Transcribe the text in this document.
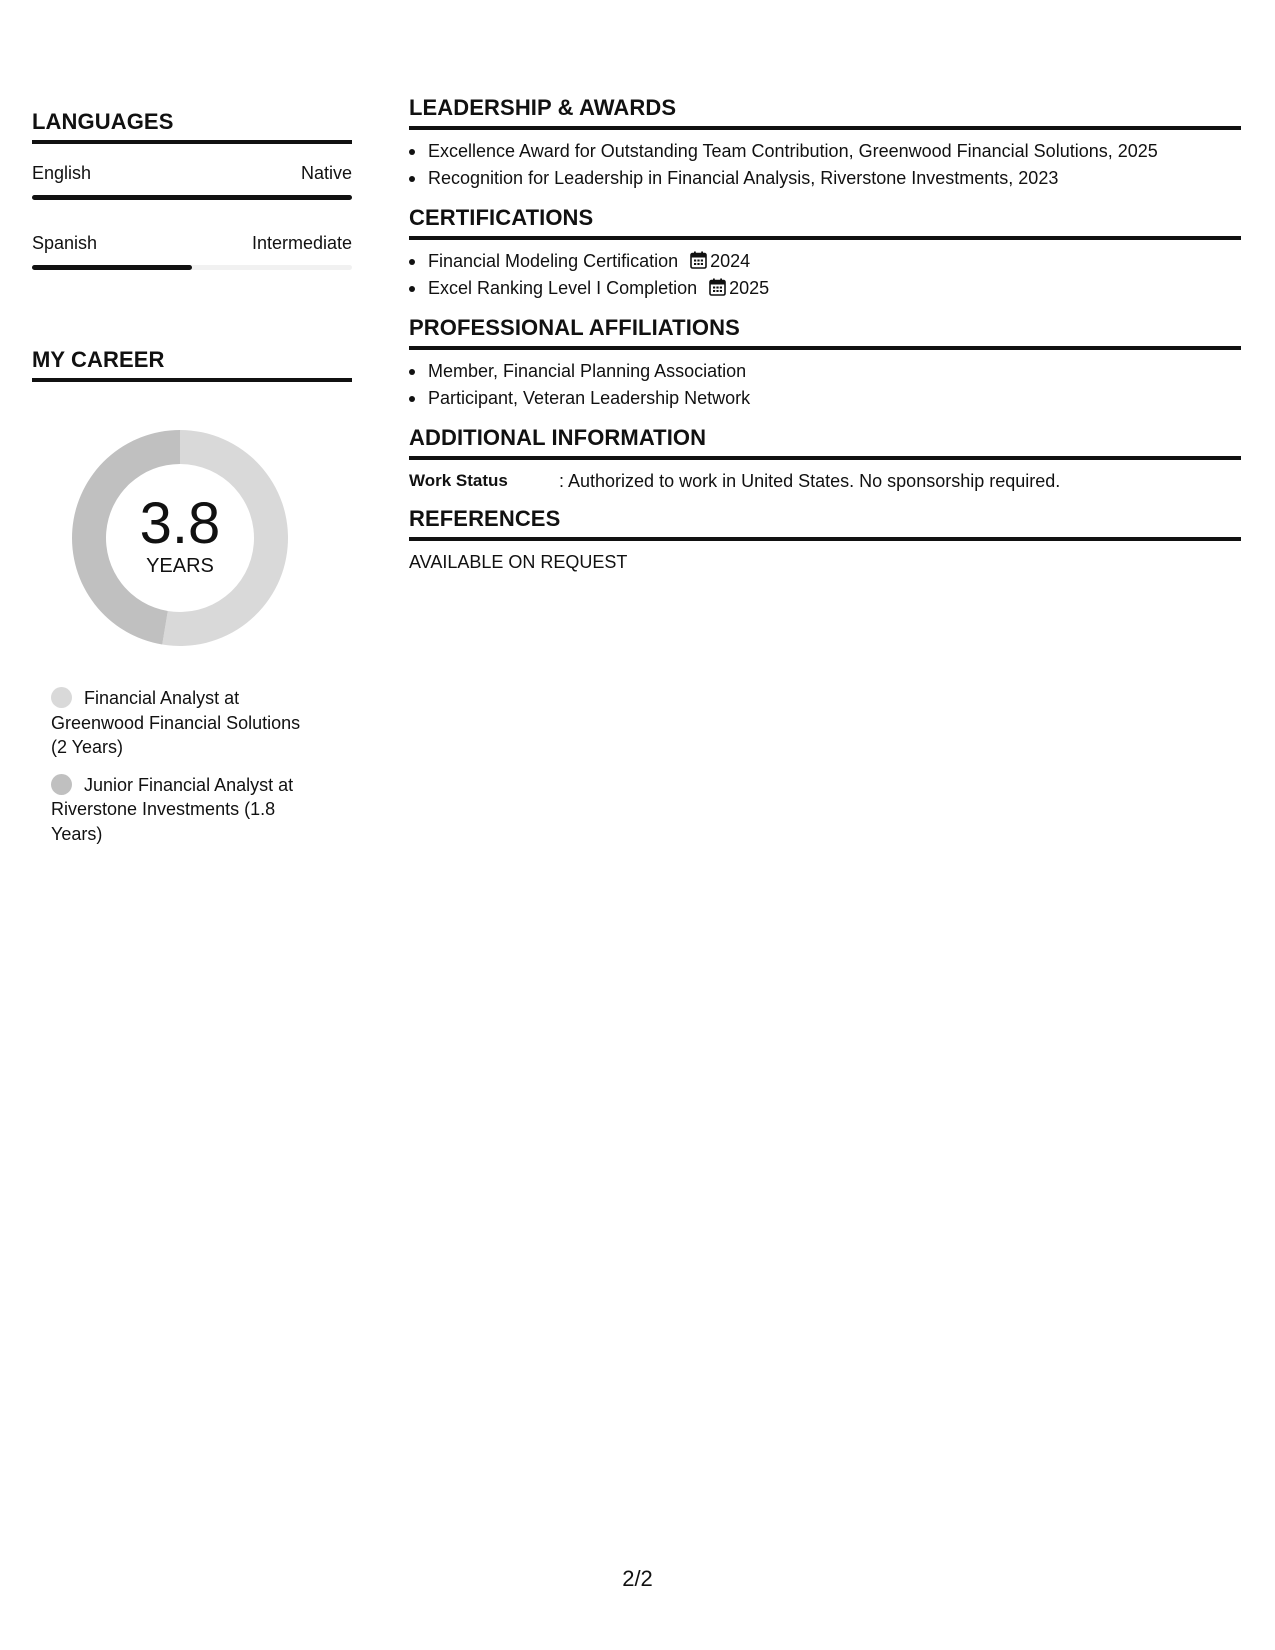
LANGUAGES
English	Native
Spanish	Intermediate
MY CAREER
3.8
YEARS
Financial Analyst at Greenwood Financial Solutions (2 Years)
Junior Financial Analyst at Riverstone Investments (1.8 Years)
LEADERSHIP & AWARDS
Excellence Award for Outstanding Team Contribution, Greenwood Financial Solutions, 2025
Recognition for Leadership in Financial Analysis, Riverstone Investments, 2023
CERTIFICATIONS
Financial Modeling Certification 2024
Excel Ranking Level I Completion 2025
PROFESSIONAL AFFILIATIONS
Member, Financial Planning Association
Participant, Veteran Leadership Network
ADDITIONAL INFORMATION
Work Status	: Authorized to work in United States. No sponsorship required.
REFERENCES
AVAILABLE ON REQUEST
2/2
